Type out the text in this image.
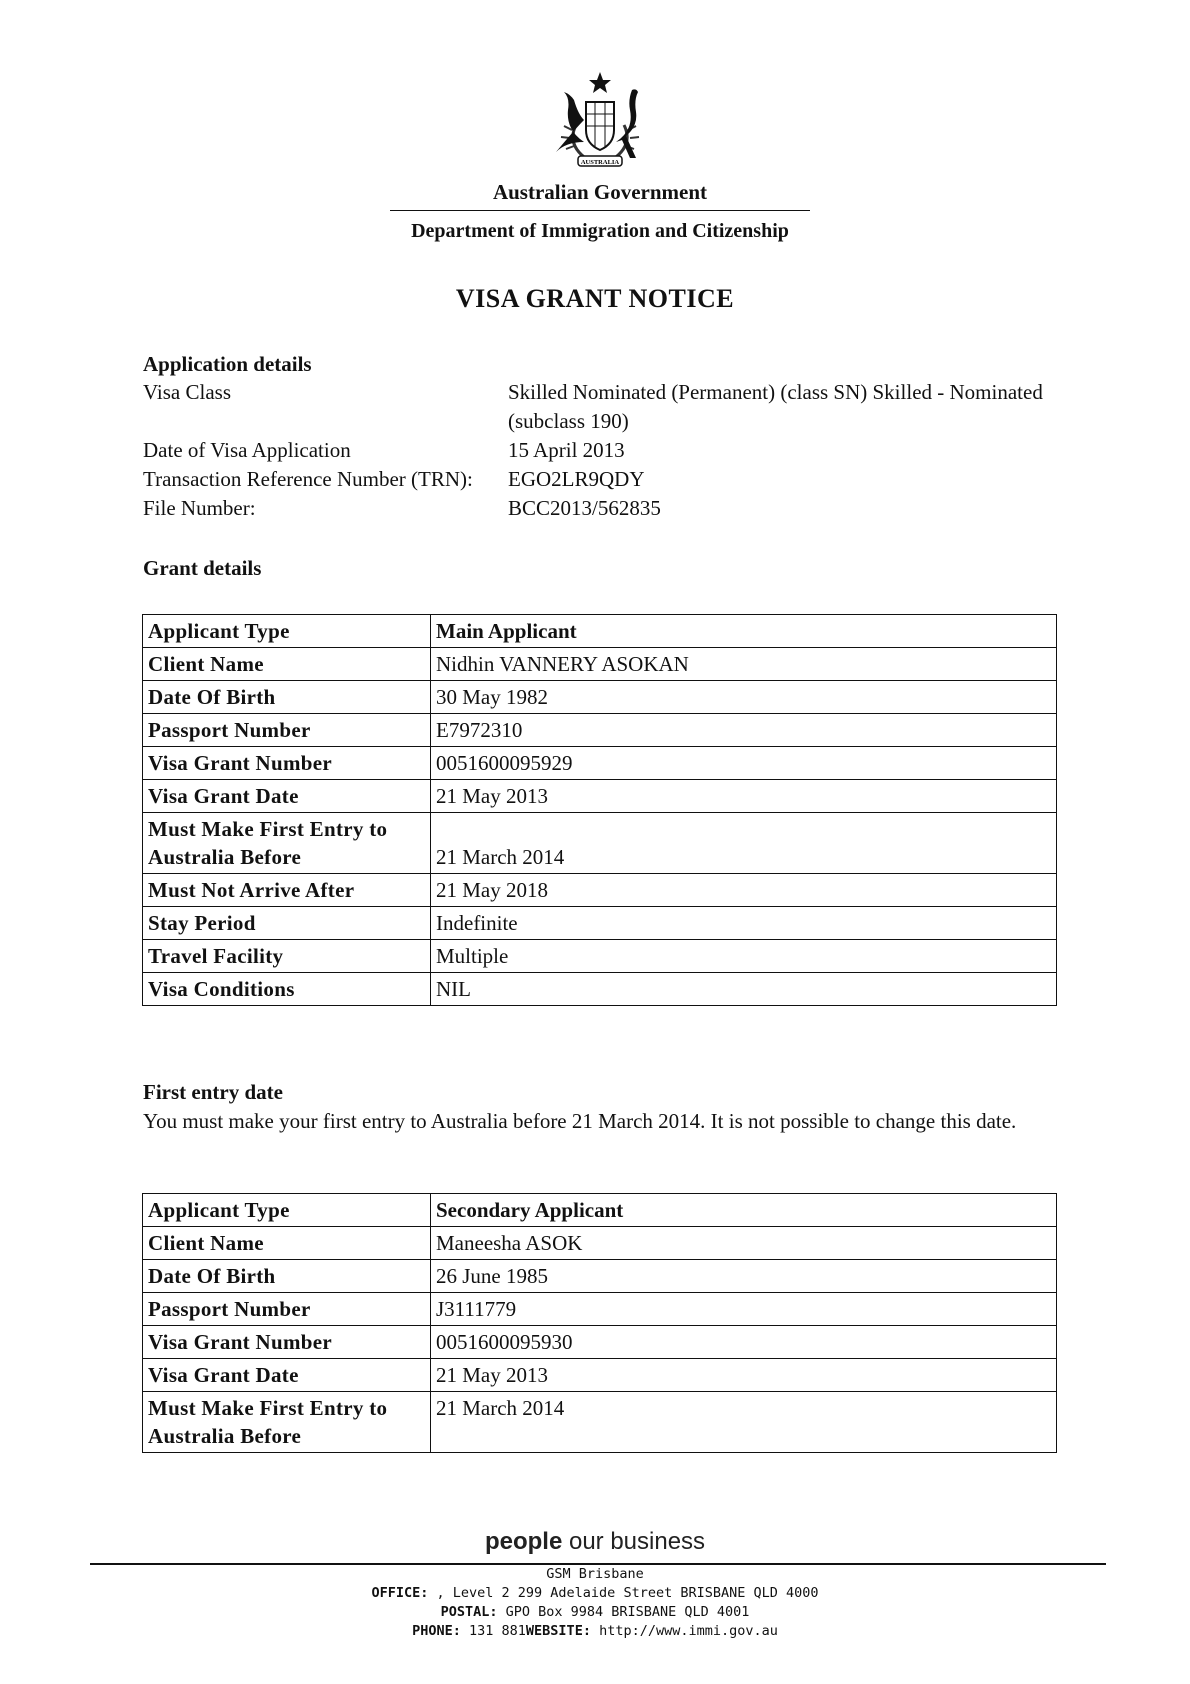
AUSTRALIA
Australian Government
Department of Immigration and Citizenship
VISA GRANT NOTICE
Application details
Visa Class	Skilled Nominated (Permanent) (class SN) Skilled - Nominated (subclass 190)
Date of Visa Application	15 April 2013
Transaction Reference Number (TRN): EGO2LR9QDY
File Number:	BCC2013/562835
Grant details
Applicant Type	Main Applicant
Client Name	Nidhin VANNERY ASOKAN
Date Of Birth	30 May 1982
Passport Number	E7972310
Visa Grant Number	0051600095929
Visa Grant Date	21 May 2013
Must Make First Entry to Australia Before	21 March 2014
Must Not Arrive After	21 May 2018
Stay Period	Indefinite
Travel Facility	Multiple
Visa Conditions	NIL
First entry date
You must make your first entry to Australia before 21 March 2014. It is not possible to change this date.
Applicant Type	Secondary Applicant
Client Name	Maneesha ASOK
Date Of Birth	26 June 1985
Passport Number	J3111779
Visa Grant Number	0051600095930
Visa Grant Date	21 May 2013
Must Make First Entry to Australia Before	21 March 2014
people our business
GSM Brisbane
OFFICE: , Level 2 299 Adelaide Street BRISBANE QLD 4000
POSTAL: GPO Box 9984 BRISBANE QLD 4001
PHONE: 131 881WEBSITE: http://www.immi.gov.au
